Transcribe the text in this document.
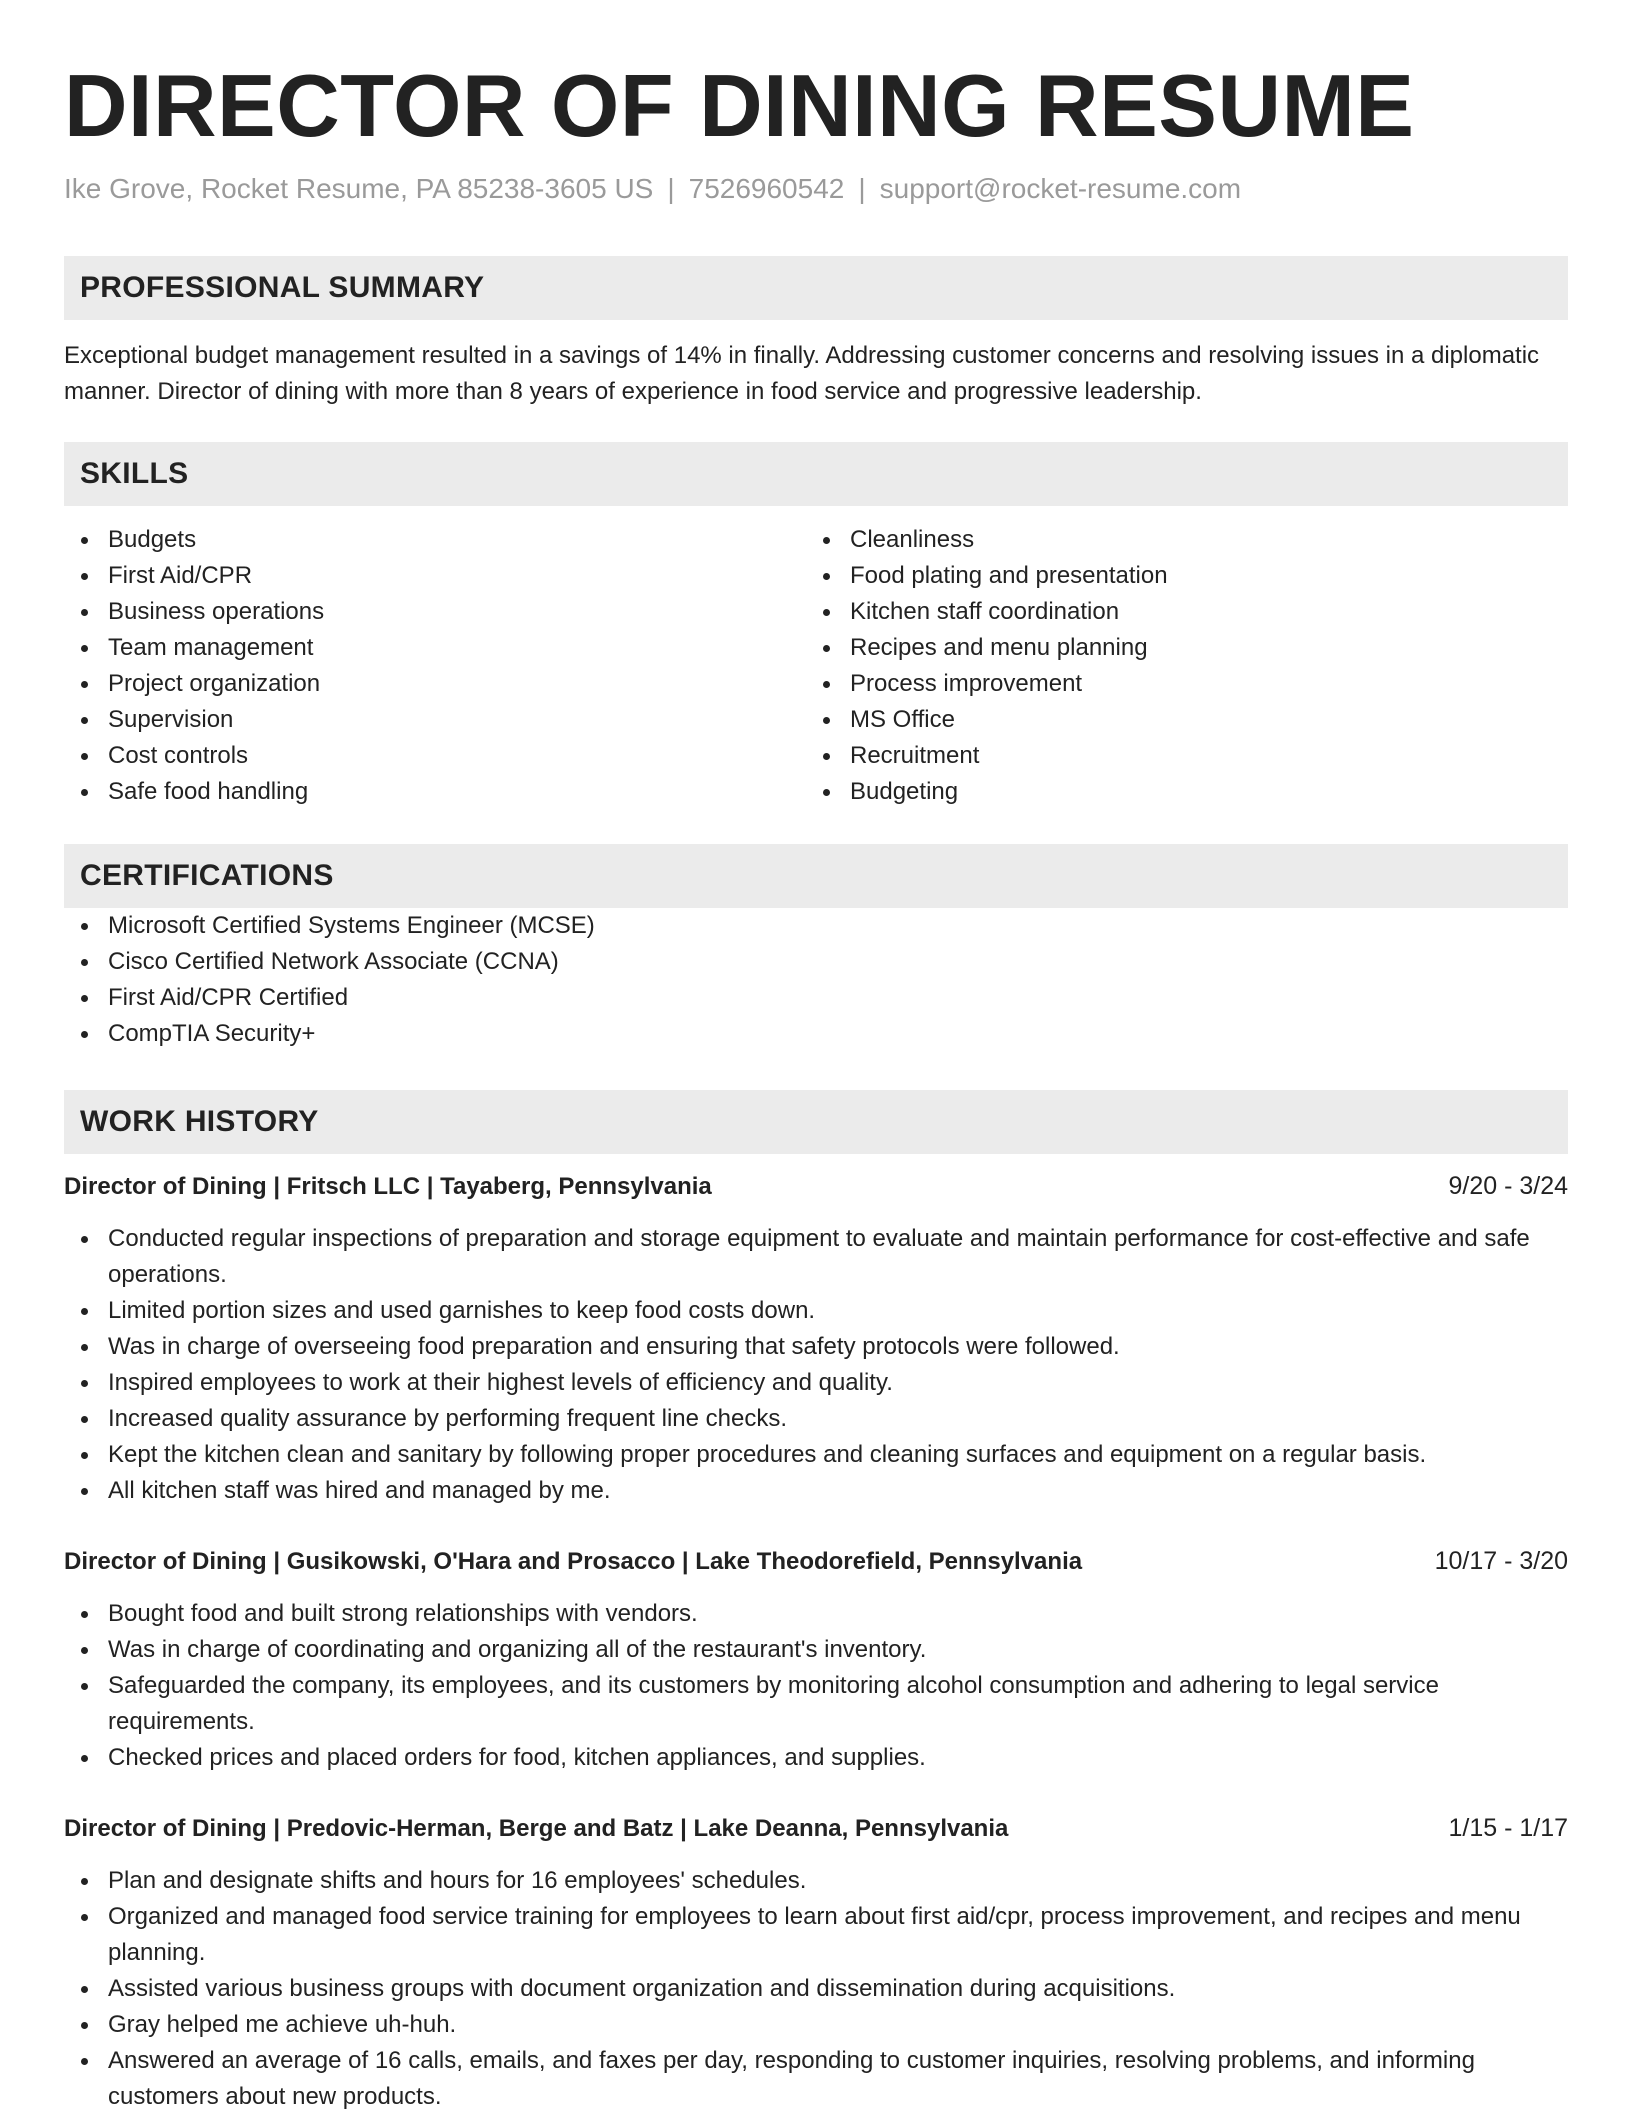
DIRECTOR OF DINING RESUME
Ike Grove, Rocket Resume, PA 85238-3605 US | 7526960542 | support@rocket-resume.com
PROFESSIONAL SUMMARY

Exceptional budget management resulted in a savings of 14% in finally. Addressing customer concerns and resolving issues in a diplomatic manner. Director of dining with more than 8 years of experience in food service and progressive leadership.

SKILLS
Budgets
First Aid/CPR
Business operations
Team management
Project organization
Supervision
Cost controls
Safe food handling
Cleanliness
Food plating and presentation
Kitchen staff coordination
Recipes and menu planning
Process improvement
MS Office
Recruitment
Budgeting
CERTIFICATIONS
Microsoft Certified Systems Engineer (MCSE)
Cisco Certified Network Associate (CCNA)
First Aid/CPR Certified
CompTIA Security+
WORK HISTORY
Director of Dining | Fritsch LLC | Tayaberg, Pennsylvania	9/20 - 3/24
Conducted regular inspections of preparation and storage equipment to evaluate and maintain performance for cost-effective and safe operations.
Limited portion sizes and used garnishes to keep food costs down.
Was in charge of overseeing food preparation and ensuring that safety protocols were followed.
Inspired employees to work at their highest levels of efficiency and quality.
Increased quality assurance by performing frequent line checks.
Kept the kitchen clean and sanitary by following proper procedures and cleaning surfaces and equipment on a regular basis.
All kitchen staff was hired and managed by me.
Director of Dining | Gusikowski, O'Hara and Prosacco | Lake Theodorefield, Pennsylvania	10/17 - 3/20
Bought food and built strong relationships with vendors.
Was in charge of coordinating and organizing all of the restaurant's inventory.
Safeguarded the company, its employees, and its customers by monitoring alcohol consumption and adhering to legal service requirements.
Checked prices and placed orders for food, kitchen appliances, and supplies.
Director of Dining | Predovic-Herman, Berge and Batz | Lake Deanna, Pennsylvania	1/15 - 1/17
Plan and designate shifts and hours for 16 employees' schedules.
Organized and managed food service training for employees to learn about first aid/cpr, process improvement, and recipes and menu planning.
Assisted various business groups with document organization and dissemination during acquisitions.
Gray helped me achieve uh-huh.
Answered an average of 16 calls, emails, and faxes per day, responding to customer inquiries, resolving problems, and informing customers about new products.
